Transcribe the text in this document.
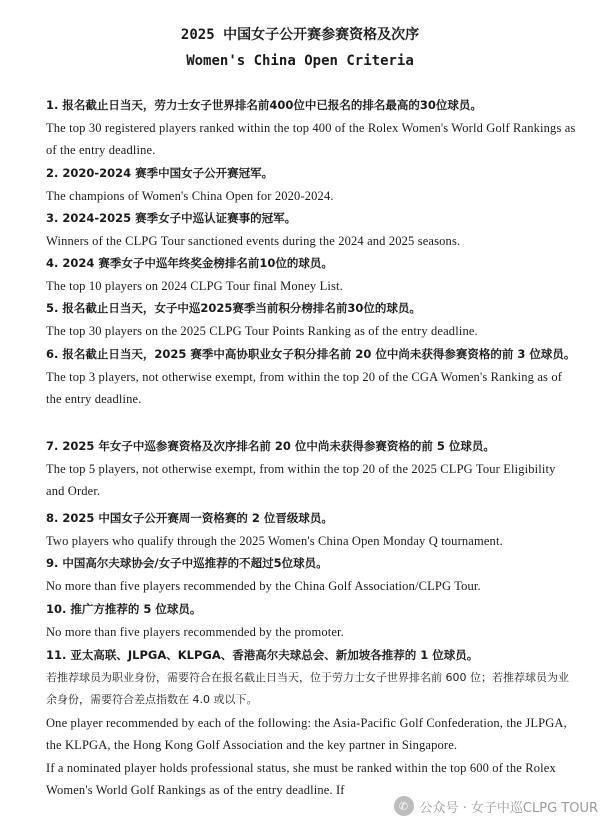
2025 中国女子公开赛参赛资格及次序
Women's China Open Criteria
1. 报名截止日当天，劳力士女子世界排名前400位中已报名的排名最高的30位球员。
The top 30 registered players ranked within the top 400 of the Rolex Women's World Golf Rankings as of the entry deadline.
2. 2020-2024 赛季中国女子公开赛冠军。
The champions of Women's China Open for 2020-2024.
3. 2024-2025 赛季女子中巡认证赛事的冠军。
Winners of the CLPG Tour sanctioned events during the 2024 and 2025 seasons.
4. 2024 赛季女子中巡年终奖金榜排名前10位的球员。
The top 10 players on 2024 CLPG Tour final Money List.
5. 报名截止日当天，女子中巡2025赛季当前积分榜排名前30位的球员。
The top 30 players on the 2025 CLPG Tour Points Ranking as of the entry deadline.
6. 报名截止日当天，2025 赛季中高协职业女子积分排名前 20 位中尚未获得参赛资格的前 3 位球员。
The top 3 players, not otherwise exempt, from within the top 20 of the CGA Women's Ranking as of the entry deadline.
7. 2025 年女子中巡参赛资格及次序排名前 20 位中尚未获得参赛资格的前 5 位球员。
The top 5 players, not otherwise exempt, from within the top 20 of the 2025 CLPG Tour Eligibility and Order.
8. 2025 中国女子公开赛周一资格赛的 2 位晋级球员。
Two players who qualify through the 2025 Women's China Open Monday Q tournament.
9. 中国高尔夫球协会/女子中巡推荐的不超过5位球员。
No more than five players recommended by the China Golf Association/CLPG Tour.
10. 推广方推荐的 5 位球员。
No more than five players recommended by the promoter.
11. 亚太高联、JLPGA、KLPGA、香港高尔夫球总会、新加坡各推荐的 1 位球员。
若推荐球员为职业身份，需要符合在报名截止日当天，位于劳力士女子世界排名前 600 位；若推荐球员为业余身份，需要符合差点指数在 4.0 或以下。
One player recommended by each of the following: the Asia-Pacific Golf Confederation, the JLPGA, the KLPGA, the Hong Kong Golf Association and the key partner in Singapore.
If a nominated player holds professional status, she must be ranked within the top 600 of the Rolex Women's World Golf Rankings as of the entry deadline. If
✆ 公众号 · 女子中巡CLPG TOUR
